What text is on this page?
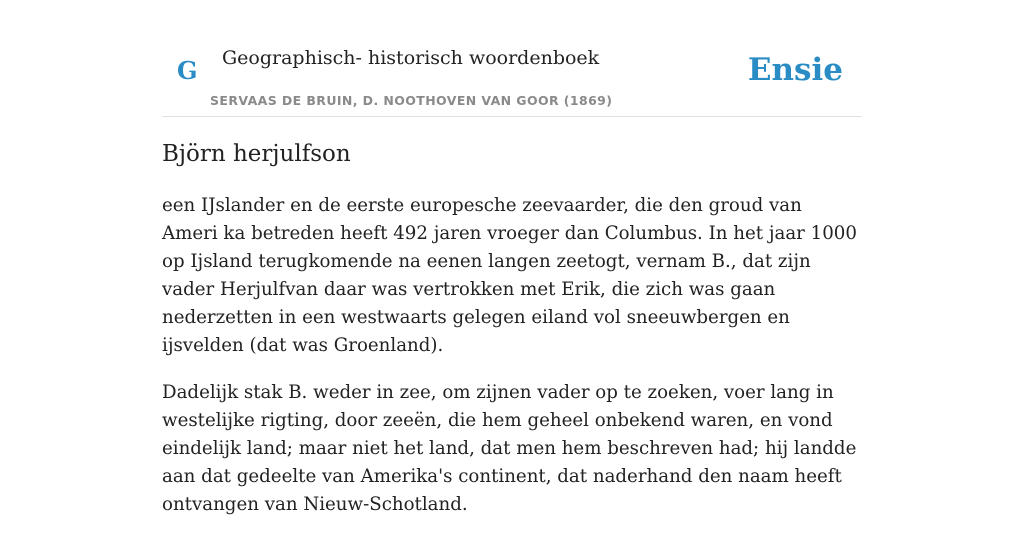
G Geographisch- historisch woordenboek
SERVAAS DE BRUIN, D. NOOTHOVEN VAN GOOR (1869)
Ensie
Björn herjulfson

een IJslander en de eerste europesche zeevaarder, die den groud van Ameri ka betreden heeft 492 jaren vroeger dan Columbus. In het jaar 1000 op Ijsland terugkomende na eenen langen zeetogt, vernam B., dat zijn vader Herjulfvan daar was vertrokken met Erik, die zich was gaan nederzetten in een westwaarts gelegen eiland vol sneeuwbergen en ijsvelden (dat was Groenland).

Dadelijk stak B. weder in zee, om zijnen vader op te zoeken, voer lang in westelijke rigting, door zeeën, die hem geheel onbekend waren, en vond eindelijk land; maar niet het land, dat men hem beschreven had; hij landde aan dat gedeelte van Amerika's continent, dat naderhand den naam heeft ontvangen van Nieuw-Schotland.
